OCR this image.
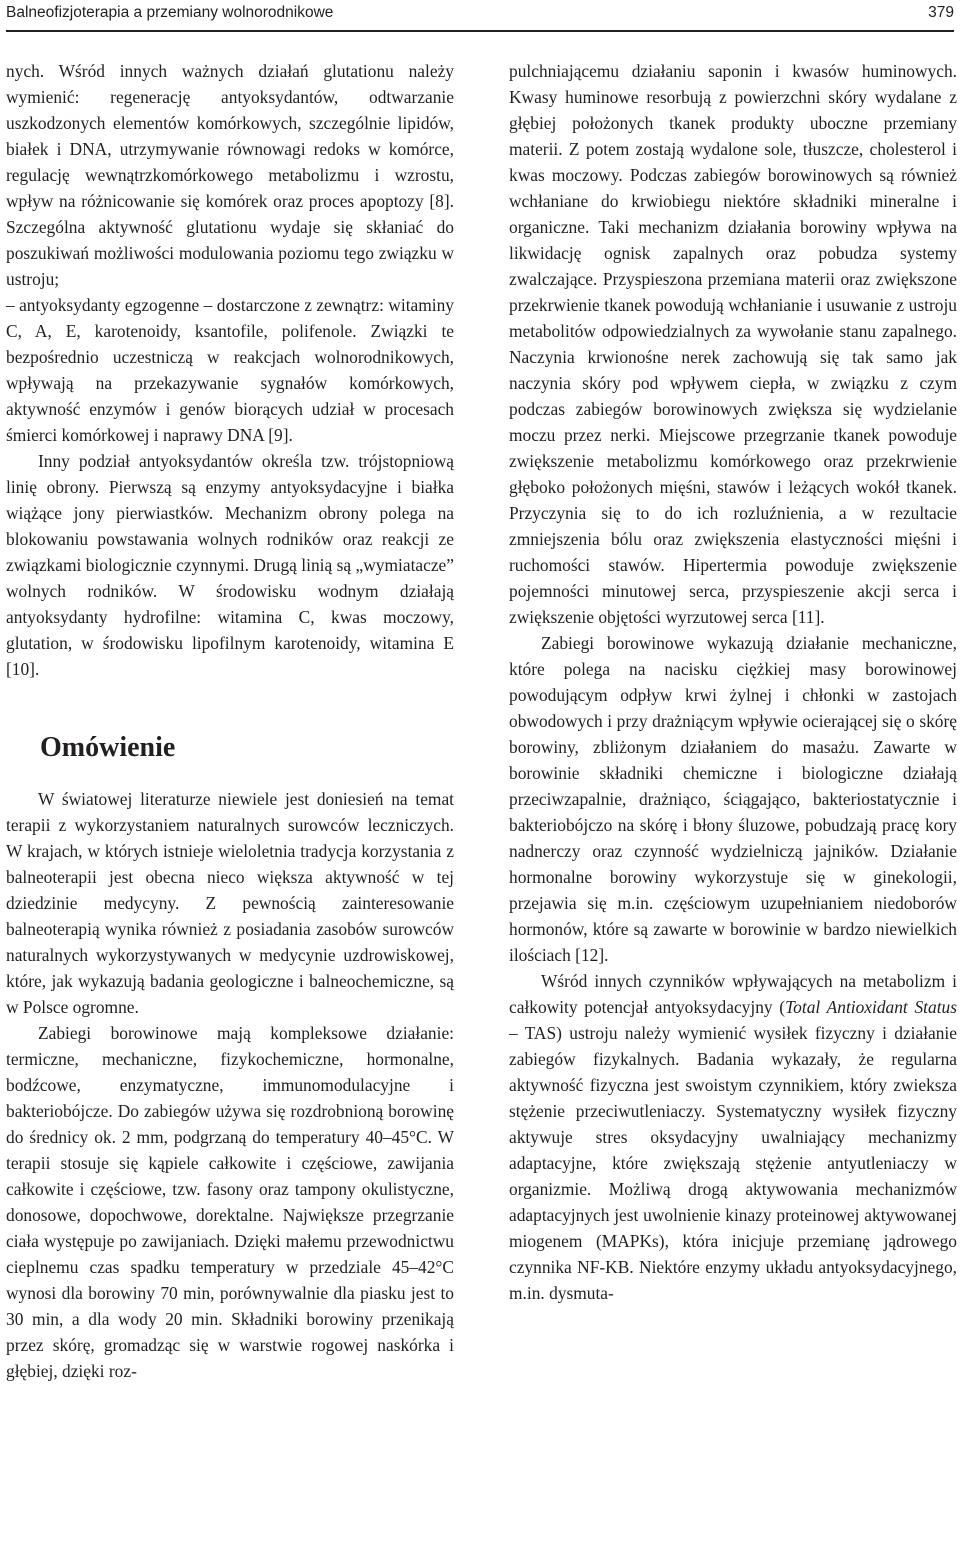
Balneofizjoterapia a przemiany wolnorodnikowe	379

nych. Wśród innych ważnych działań glutationu należy wymienić: regenerację antyoksydantów, odtwarzanie uszkodzonych elementów komórkowych, szczególnie lipidów, białek i DNA, utrzymywanie równowagi redoks w komórce, regulację wewnątrzkomórkowego metabolizmu i wzrostu, wpływ na różnicowanie się komórek oraz proces apoptozy [8]. Szczególna aktywność glutationu wydaje się skłaniać do poszukiwań możliwości modulowania poziomu tego związku w ustroju;

– antyoksydanty egzogenne – dostarczone z zewnątrz: witaminy C, A, E, karotenoidy, ksantofile, polifenole. Związki te bezpośrednio uczestniczą w reakcjach wolnorodnikowych, wpływają na przekazywanie sygnałów komórkowych, aktywność enzymów i genów biorących udział w procesach śmierci komórkowej i naprawy DNA [9].

Inny podział antyoksydantów określa tzw. trójstopniową linię obrony. Pierwszą są enzymy antyoksydacyjne i białka wiążące jony pierwiastków. Mechanizm obrony polega na blokowaniu powstawania wolnych rodników oraz reakcji ze związkami biologicznie czynnymi. Drugą linią są „wymiatacze” wolnych rodników. W środowisku wodnym działają antyoksydanty hydrofilne: witamina C, kwas moczowy, glutation, w środowisku lipofilnym karotenoidy, witamina E [10].

Omówienie

W światowej literaturze niewiele jest doniesień na temat terapii z wykorzystaniem naturalnych surowców leczniczych. W krajach, w których istnieje wieloletnia tradycja korzystania z balneoterapii jest obecna nieco większa aktywność w tej dziedzinie medycyny. Z pewnością zainteresowanie balneoterapią wynika również z posiadania zasobów surowców naturalnych wykorzystywanych w medycynie uzdrowiskowej, które, jak wykazują badania geologiczne i balneochemiczne, są w Polsce ogromne.

Zabiegi borowinowe mają kompleksowe działanie: termiczne, mechaniczne, fizykochemiczne, hormonalne, bodźcowe, enzymatyczne, immunomodulacyjne i bakteriobójcze. Do zabiegów używa się rozdrobnioną borowinę do średnicy ok. 2 mm, podgrzaną do temperatury 40–45°C. W terapii stosuje się kąpiele całkowite i częściowe, zawijania całkowite i częściowe, tzw. fasony oraz tampony okulistyczne, donosowe, dopochwowe, dorektalne. Największe przegrzanie ciała występuje po zawijaniach. Dzięki małemu przewodnictwu cieplnemu czas spadku temperatury w przedziale 45–42°C wynosi dla borowiny 70 min, porównywalnie dla piasku jest to 30 min, a dla wody 20 min. Składniki borowiny przenikają przez skórę, gromadząc się w warstwie rogowej naskórka i głębiej, dzięki roz-

pulchniającemu działaniu saponin i kwasów huminowych. Kwasy huminowe resorbują z powierzchni skóry wydalane z głębiej położonych tkanek produkty uboczne przemiany materii. Z potem zostają wydalone sole, tłuszcze, cholesterol i kwas moczowy. Podczas zabiegów borowinowych są również wchłaniane do krwiobiegu niektóre składniki mineralne i organiczne. Taki mechanizm działania borowiny wpływa na likwidację ognisk zapalnych oraz pobudza systemy zwalczające. Przyspieszona przemiana materii oraz zwiększone przekrwienie tkanek powodują wchłanianie i usuwanie z ustroju metabolitów odpowiedzialnych za wywołanie stanu zapalnego. Naczynia krwionośne nerek zachowują się tak samo jak naczynia skóry pod wpływem ciepła, w związku z czym podczas zabiegów borowinowych zwiększa się wydzielanie moczu przez nerki. Miejscowe przegrzanie tkanek powoduje zwiększenie metabolizmu komórkowego oraz przekrwienie głęboko położonych mięśni, stawów i leżących wokół tkanek. Przyczynia się to do ich rozluźnienia, a w rezultacie zmniejszenia bólu oraz zwiększenia elastyczności mięśni i ruchomości stawów. Hipertermia powoduje zwiększenie pojemności minutowej serca, przyspieszenie akcji serca i zwiększenie objętości wyrzutowej serca [11].

Zabiegi borowinowe wykazują działanie mechaniczne, które polega na nacisku ciężkiej masy borowinowej powodującym odpływ krwi żylnej i chłonki w zastojach obwodowych i przy drażniącym wpływie ocierającej się o skórę borowiny, zbliżonym działaniem do masażu. Zawarte w borowinie składniki chemiczne i biologiczne działają przeciwzapalnie, drażniąco, ściągająco, bakteriostatycznie i bakteriobójczo na skórę i błony śluzowe, pobudzają pracę kory nadnerczy oraz czynność wydzielniczą jajników. Działanie hormonalne borowiny wykorzystuje się w ginekologii, przejawia się m.in. częściowym uzupełnianiem niedoborów hormonów, które są zawarte w borowinie w bardzo niewielkich ilościach [12].

Wśród innych czynników wpływających na metabolizm i całkowity potencjał antyoksydacyjny (Total Antioxidant Status – TAS) ustroju należy wymienić wysiłek fizyczny i działanie zabiegów fizykalnych. Badania wykazały, że regularna aktywność fizyczna jest swoistym czynnikiem, który zwieksza stężenie przeciwutleniaczy. Systematyczny wysiłek fizyczny aktywuje stres oksydacyjny uwalniający mechanizmy adaptacyjne, które zwiększają stężenie antyutleniaczy w organizmie. Możliwą drogą aktywowania mechanizmów adaptacyjnych jest uwolnienie kinazy proteinowej aktywowanej miogenem (MAPKs), która inicjuje przemianę jądrowego czynnika NF-KB. Niektóre enzymy układu antyoksydacyjnego, m.in. dysmuta-
